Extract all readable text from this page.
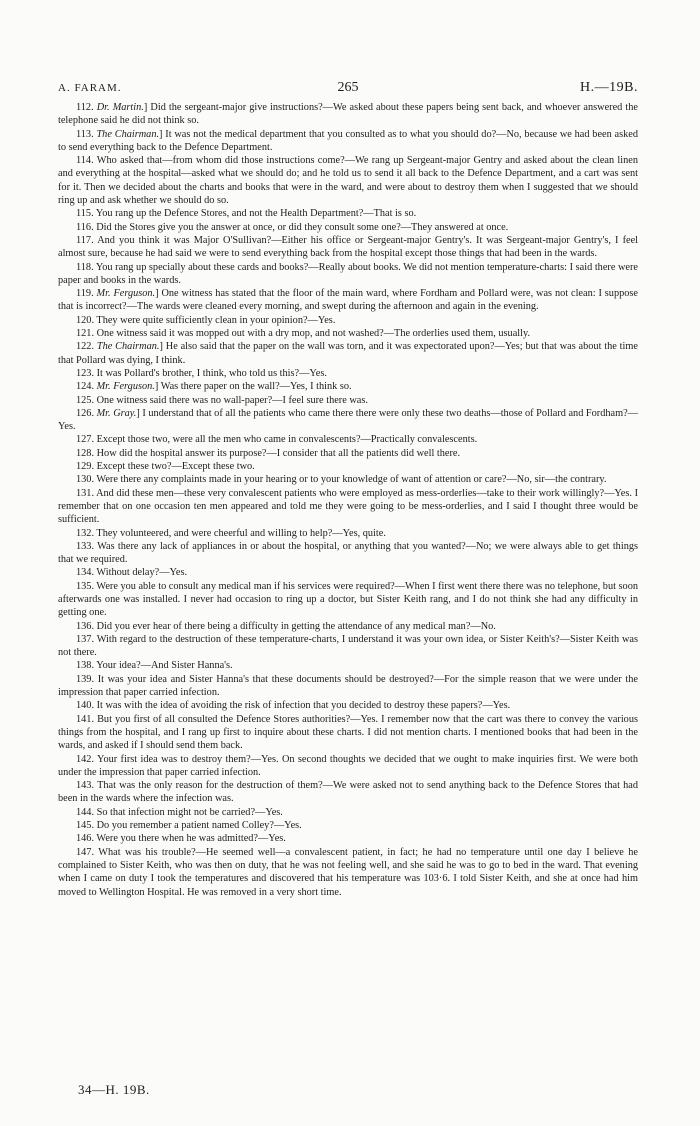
A. FARAM.	265	H.—19B.

112. Dr. Martin.] Did the sergeant-major give instructions?—We asked about these papers being sent back, and whoever answered the telephone said he did not think so.

113. The Chairman.] It was not the medical department that you consulted as to what you should do?—No, because we had been asked to send everything back to the Defence Department.

114. Who asked that—from whom did those instructions come?—We rang up Sergeant-major Gentry and asked about the clean linen and everything at the hospital—asked what we should do; and he told us to send it all back to the Defence Department, and a cart was sent for it. Then we decided about the charts and books that were in the ward, and were about to destroy them when I suggested that we should ring up and ask whether we should do so.

115. You rang up the Defence Stores, and not the Health Department?—That is so.

116. Did the Stores give you the answer at once, or did they consult some one?—They answered at once.

117. And you think it was Major O'Sullivan?—Either his office or Sergeant-major Gentry's. It was Sergeant-major Gentry's, I feel almost sure, because he had said we were to send everything back from the hospital except those things that had been in the wards.

118. You rang up specially about these cards and books?—Really about books. We did not mention temperature-charts: I said there were paper and books in the wards.

119. Mr. Ferguson.] One witness has stated that the floor of the main ward, where Fordham and Pollard were, was not clean: I suppose that is incorrect?—The wards were cleaned every morning, and swept during the afternoon and again in the evening.

120. They were quite sufficiently clean in your opinion?—Yes.

121. One witness said it was mopped out with a dry mop, and not washed?—The orderlies used them, usually.

122. The Chairman.] He also said that the paper on the wall was torn, and it was expectorated upon?—Yes; but that was about the time that Pollard was dying, I think.

123. It was Pollard's brother, I think, who told us this?—Yes.

124. Mr. Ferguson.] Was there paper on the wall?—Yes, I think so.

125. One witness said there was no wall-paper?—I feel sure there was.

126. Mr. Gray.] I understand that of all the patients who came there there were only these two deaths—those of Pollard and Fordham?—Yes.

127. Except those two, were all the men who came in convalescents?—Practically convalescents.

128. How did the hospital answer its purpose?—I consider that all the patients did well there.

129. Except these two?—Except these two.

130. Were there any complaints made in your hearing or to your knowledge of want of attention or care?—No, sir—the contrary.

131. And did these men—these very convalescent patients who were employed as mess-orderlies—take to their work willingly?—Yes. I remember that on one occasion ten men appeared and told me they were going to be mess-orderlies, and I said I thought three would be sufficient.

132. They volunteered, and were cheerful and willing to help?—Yes, quite.

133. Was there any lack of appliances in or about the hospital, or anything that you wanted?—No; we were always able to get things that we required.

134. Without delay?—Yes.

135. Were you able to consult any medical man if his services were required?—When I first went there there was no telephone, but soon afterwards one was installed. I never had occasion to ring up a doctor, but Sister Keith rang, and I do not think she had any difficulty in getting one.

136. Did you ever hear of there being a difficulty in getting the attendance of any medical man?—No.

137. With regard to the destruction of these temperature-charts, I understand it was your own idea, or Sister Keith's?—Sister Keith was not there.

138. Your idea?—And Sister Hanna's.

139. It was your idea and Sister Hanna's that these documents should be destroyed?—For the simple reason that we were under the impression that paper carried infection.

140. It was with the idea of avoiding the risk of infection that you decided to destroy these papers?—Yes.

141. But you first of all consulted the Defence Stores authorities?—Yes. I remember now that the cart was there to convey the various things from the hospital, and I rang up first to inquire about these charts. I did not mention charts. I mentioned books that had been in the wards, and asked if I should send them back.

142. Your first idea was to destroy them?—Yes. On second thoughts we decided that we ought to make inquiries first. We were both under the impression that paper carried infection.

143. That was the only reason for the destruction of them?—We were asked not to send anything back to the Defence Stores that had been in the wards where the infection was.

144. So that infection might not be carried?—Yes.

145. Do you remember a patient named Colley?—Yes.

146. Were you there when he was admitted?—Yes.

147. What was his trouble?—He seemed well—a convalescent patient, in fact; he had no temperature until one day I believe he complained to Sister Keith, who was then on duty, that he was not feeling well, and she said he was to go to bed in the ward. That evening when I came on duty I took the temperatures and discovered that his temperature was 103·6. I told Sister Keith, and she at once had him moved to Wellington Hospital. He was removed in a very short time.

34—H. 19B.
